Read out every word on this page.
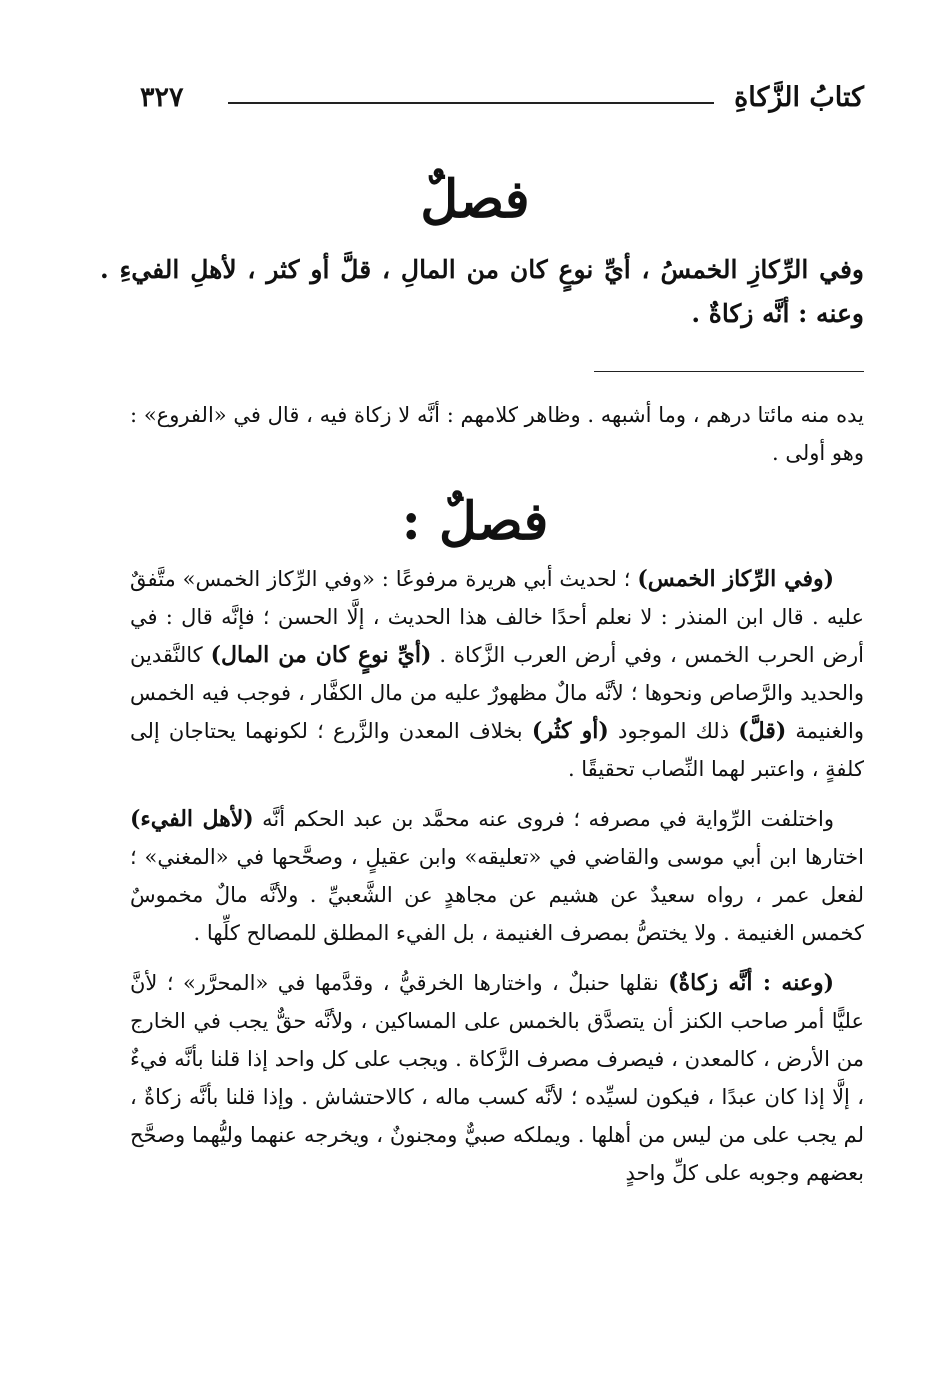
كتابُ الزَّكاةِ
٣٢٧
فصلٌ

وفي الرِّكازِ الخمسُ ، أيِّ نوعٍ كان من المالِ ، قلَّ أو كثر ، لأهلِ الفيءِ .

وعنه : أنَّه زكاةٌ .

يده منه مائتا درهم ، وما أشبهه . وظاهر كلامهم : أنَّه لا زكاة فيه ، قال في «الفروع» : وهو أولى .

فصلٌ :

(وفي الرِّكاز الخمس) ؛ لحديث أبي هريرة مرفوعًا : «وفي الرِّكاز الخمس» متَّفقٌ عليه . قال ابن المنذر : لا نعلم أحدًا خالف هذا الحديث ، إلَّا الحسن ؛ فإنَّه قال : في أرض الحرب الخمس ، وفي أرض العرب الزَّكاة . (أيِّ نوعٍ كان من المال) كالنَّقدين والحديد والرَّصاص ونحوها ؛ لأنَّه مالٌ مظهورٌ عليه من مال الكفَّار ، فوجب فيه الخمس والغنيمة (قلَّ) ذلك الموجود (أو كثُر) بخلاف المعدن والزَّرع ؛ لكونهما يحتاجان إلى كلفةٍ ، واعتبر لهما النِّصاب تحقيقًا .

واختلفت الرِّواية في مصرفه ؛ فروى عنه محمَّد بن عبد الحكم أنَّه (لأهل الفيء) اختارها ابن أبي موسى والقاضي في «تعليقه» وابن عقيلٍ ، وصحَّحها في «المغني» ؛ لفعل عمر ، رواه سعيدٌ عن هشيم عن مجاهدٍ عن الشَّعبيِّ . ولأنَّه مالٌ مخموسٌ كخمس الغنيمة . ولا يختصُّ بمصرف الغنيمة ، بل الفيء المطلق للمصالح كلِّها .

(وعنه : أنَّه زكاةٌ) نقلها حنبلٌ ، واختارها الخرقيُّ ، وقدَّمها في «المحرَّر» ؛ لأنَّ عليًّا أمر صاحب الكنز أن يتصدَّق بالخمس على المساكين ، ولأنَّه حقٌّ يجب في الخارج من الأرض ، كالمعدن ، فيصرف مصرف الزَّكاة . ويجب على كل واحد إذا قلنا بأنَّه فيءٌ ، إلَّا إذا كان عبدًا ، فيكون لسيِّده ؛ لأنَّه كسب ماله ، كالاحتشاش . وإذا قلنا بأنَّه زكاةٌ ، لم يجب على من ليس من أهلها . ويملكه صبيٌّ ومجنونٌ ، ويخرجه عنهما وليُّهما وصحَّح بعضهم وجوبه على كلِّ واحدٍ
